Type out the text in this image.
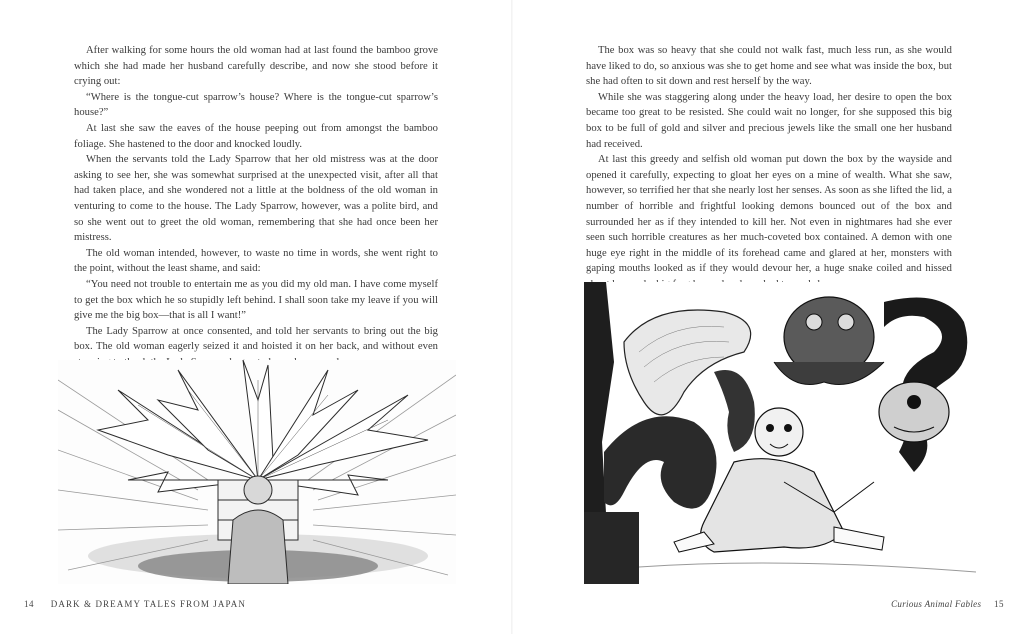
After walking for some hours the old woman had at last found the bamboo grove which she had made her husband carefully describe, and now she stood before it crying out:

“Where is the tongue-cut sparrow’s house? Where is the tongue-cut sparrow’s house?”

At last she saw the eaves of the house peeping out from amongst the bamboo foliage. She hastened to the door and knocked loudly.

When the servants told the Lady Sparrow that her old mistress was at the door asking to see her, she was somewhat surprised at the unexpected visit, after all that had taken place, and she wondered not a little at the boldness of the old woman in venturing to come to the house. The Lady Sparrow, however, was a polite bird, and so she went out to greet the old woman, remembering that she had once been her mistress.

The old woman intended, however, to waste no time in words, she went right to the point, without the least shame, and said:

“You need not trouble to entertain me as you did my old man. I have come myself to get the box which he so stupidly left behind. I shall soon take my leave if you will give me the big box—that is all I want!”

The Lady Sparrow at once consented, and told her servants to bring out the big box. The old woman eagerly seized it and hoisted it on her back, and without even

14 DARK & DREAMY TALES FROM JAPAN	Curious Animal Fables 15

The box was so heavy that she could not walk fast, much less run, as she would have liked to do, so anxious was she to get home and see what was inside the box, but she had often to sit down and rest herself by the way.

While she was staggering along under the heavy load, her desire to open the box became too great to be resisted. She could wait no longer, for she supposed this big box to be full of gold and silver and precious jewels like the small one her husband had received.

At last this greedy and selfish old woman put down the box by the wayside and opened it carefully, expecting to gloat her eyes on a mine of wealth. What she saw, however, so terrified her that she nearly lost her senses. As soon as she lifted the lid, a number of horrible and frightful looking demons bounced out of the box and surrounded her as if they intended to kill her. Not even in nightmares had she ever seen such horrible creatures as her much-coveted box contained. A demon with one huge eye right in the middle of its forehead came and glared at her, monsters with gaping mouths looked as if they would devour her, a huge snake coiled and hissed
